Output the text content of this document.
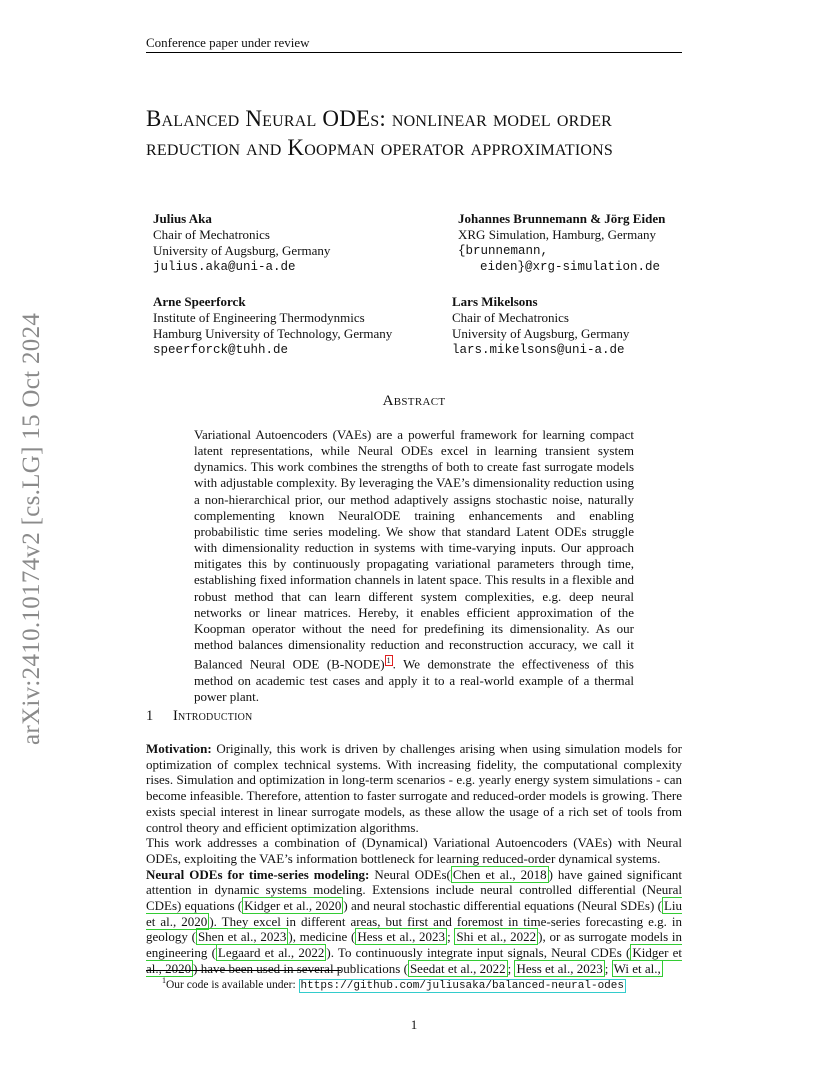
arXiv:2410.10174v2 [cs.LG] 15 Oct 2024
Conference paper under review
Balanced Neural ODEs: nonlinear model order reduction and Koopman operator approximations
Julius Aka
Chair of Mechatronics
University of Augsburg, Germany
julius.aka@uni-a.de
Johannes Brunnemann & Jörg Eiden
XRG Simulation, Hamburg, Germany
{brunnemann,
eiden}@xrg-simulation.de
Arne Speerforck
Institute of Engineering Thermodynmics
Hamburg University of Technology, Germany
speerforck@tuhh.de
Lars Mikelsons
Chair of Mechatronics
University of Augsburg, Germany
lars.mikelsons@uni-a.de
Abstract
Variational Autoencoders (VAEs) are a powerful framework for learning compact latent representations, while Neural ODEs excel in learning transient system dynamics. This work combines the strengths of both to create fast surrogate models with adjustable complexity. By leveraging the VAE’s dimensionality reduction using a non-hierarchical prior, our method adaptively assigns stochastic noise, naturally complementing known NeuralODE training enhancements and enabling probabilistic time series modeling. We show that standard Latent ODEs struggle with dimensionality reduction in systems with time-varying inputs. Our approach mitigates this by continuously propagating variational parameters through time, establishing fixed information channels in latent space. This results in a flexible and robust method that can learn different system complexities, e.g. deep neural networks or linear matrices. Hereby, it enables efficient approximation of the Koopman operator without the need for predefining its dimensionality. As our method balances dimensionality reduction and reconstruction accuracy, we call it Balanced Neural ODE (B-NODE) $^1$ . We demonstrate the effectiveness of this method on academic test cases and apply it to a real-world example of a thermal power plant.
1 Introduction

Motivation: Originally, this work is driven by challenges arising when using simulation models for optimization of complex technical systems. With increasing fidelity, the computational complexity rises. Simulation and optimization in long-term scenarios - e.g. yearly energy system simulations - can become infeasible. Therefore, attention to faster surrogate and reduced-order models is growing. There exists special interest in linear surrogate models, as these allow the usage of a rich set of tools from control theory and efficient optimization algorithms.

This work addresses a combination of (Dynamical) Variational Autoencoders (VAEs) with Neural ODEs, exploiting the VAE’s information bottleneck for learning reduced-order dynamical systems.

Neural ODEs for time-series modeling: Neural ODEs( Chen et al., 2018 ) have gained significant attention in dynamic systems modeling. Extensions include neural controlled differential (Neural CDEs) equations ( Kidger et al., 2020 ) and neural stochastic differential equations (Neural SDEs) ( Liu et al., 2020 ). They excel in different areas, but first and foremost in time-series forecasting e.g. in geology ( Shen et al., 2023 ), medicine ( Hess et al., 2023 ; Shi et al., 2022 ), or as surrogate models in engineering ( Legaard et al., 2022 ). To continuously integrate input signals, Neural CDEs ( Kidger et al., 2020 ) have been used in several publications ( Seedat et al., 2022 ; Hess et al., 2023 ; Wi et al.,

$^1$Our code is available under: https://github.com/juliusaka/balanced-neural-odes
1
